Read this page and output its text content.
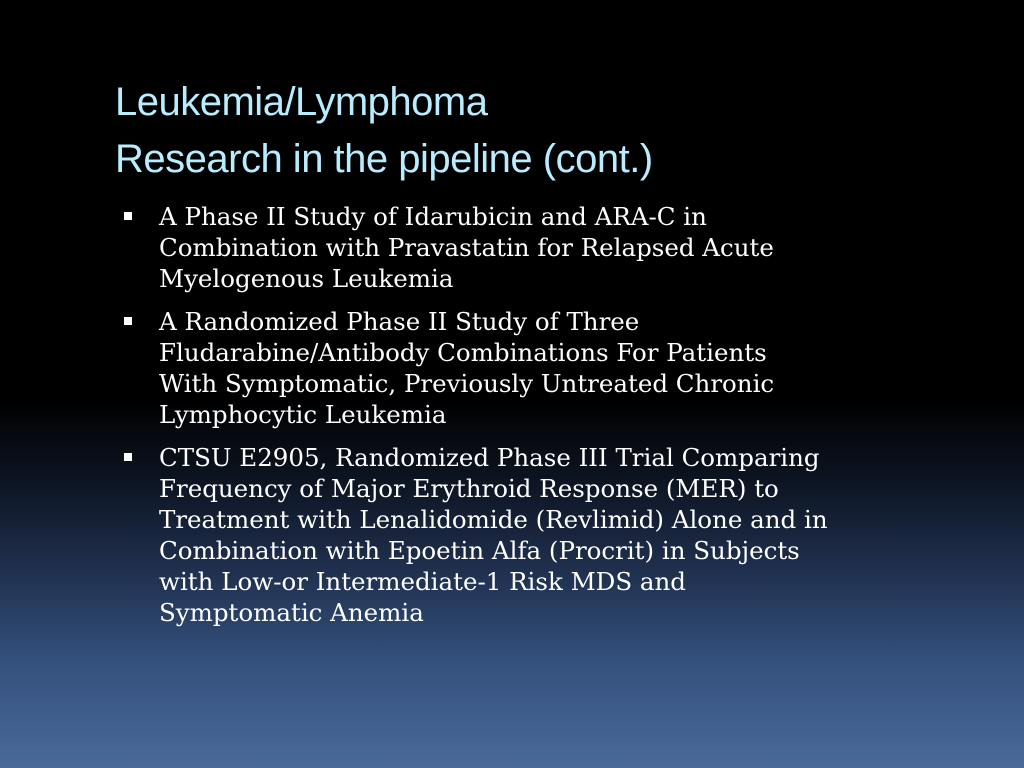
Leukemia/Lymphoma
Research in the pipeline (cont.)
A Phase II Study of Idarubicin and ARA-C in
Combination with Pravastatin for Relapsed Acute
Myelogenous Leukemia
A Randomized Phase II Study of Three
Fludarabine/Antibody Combinations For Patients
With Symptomatic, Previously Untreated Chronic
Lymphocytic Leukemia
CTSU E2905, Randomized Phase III Trial Comparing
Frequency of Major Erythroid Response (MER) to
Treatment with Lenalidomide (Revlimid) Alone and in
Combination with Epoetin Alfa (Procrit) in Subjects
with Low-or Intermediate-1 Risk MDS and
Symptomatic Anemia
